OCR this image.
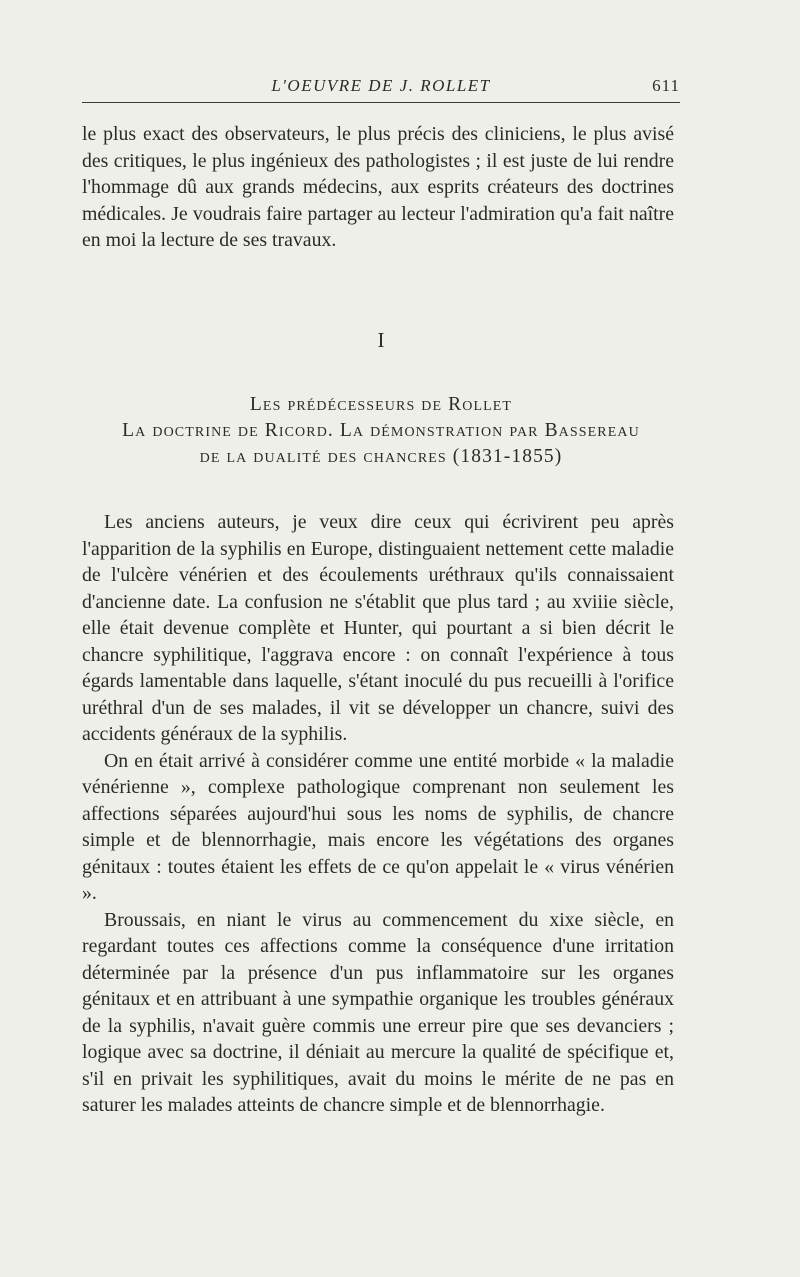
L'OEUVRE DE J. ROLLET	611

le plus exact des observateurs, le plus précis des cliniciens, le plus avisé des critiques, le plus ingénieux des pathologistes ; il est juste de lui rendre l'hommage dû aux grands médecins, aux esprits créateurs des doctrines médicales. Je voudrais faire partager au lecteur l'admiration qu'a fait naître en moi la lecture de ses travaux.

I
Les prédécesseurs de Rollet
La doctrine de Ricord. La démonstration par Bassereau
de la dualité des chancres (1831-1855)

Les anciens auteurs, je veux dire ceux qui écrivirent peu après l'apparition de la syphilis en Europe, distinguaient nettement cette maladie de l'ulcère vénérien et des écoulements uréthraux qu'ils connaissaient d'ancienne date. La confusion ne s'établit que plus tard ; au xviiie siècle, elle était devenue complète et Hunter, qui pourtant a si bien décrit le chancre syphilitique, l'aggrava encore : on connaît l'expérience à tous égards lamentable dans laquelle, s'étant inoculé du pus recueilli à l'orifice uréthral d'un de ses malades, il vit se développer un chancre, suivi des accidents généraux de la syphilis.

On en était arrivé à considérer comme une entité morbide « la maladie vénérienne », complexe pathologique comprenant non seulement les affections séparées aujourd'hui sous les noms de syphilis, de chancre simple et de blennorrhagie, mais encore les végétations des organes génitaux : toutes étaient les effets de ce qu'on appelait le « virus vénérien ».

Broussais, en niant le virus au commencement du xixe siècle, en regardant toutes ces affections comme la conséquence d'une irritation déterminée par la présence d'un pus inflammatoire sur les organes génitaux et en attribuant à une sympathie organique les troubles généraux de la syphilis, n'avait guère commis une erreur pire que ses devanciers ; logique avec sa doctrine, il déniait au mercure la qualité de spécifique et, s'il en privait les syphilitiques, avait du moins le mérite de ne pas en saturer les malades atteints de chancre simple et de blennorrhagie.
